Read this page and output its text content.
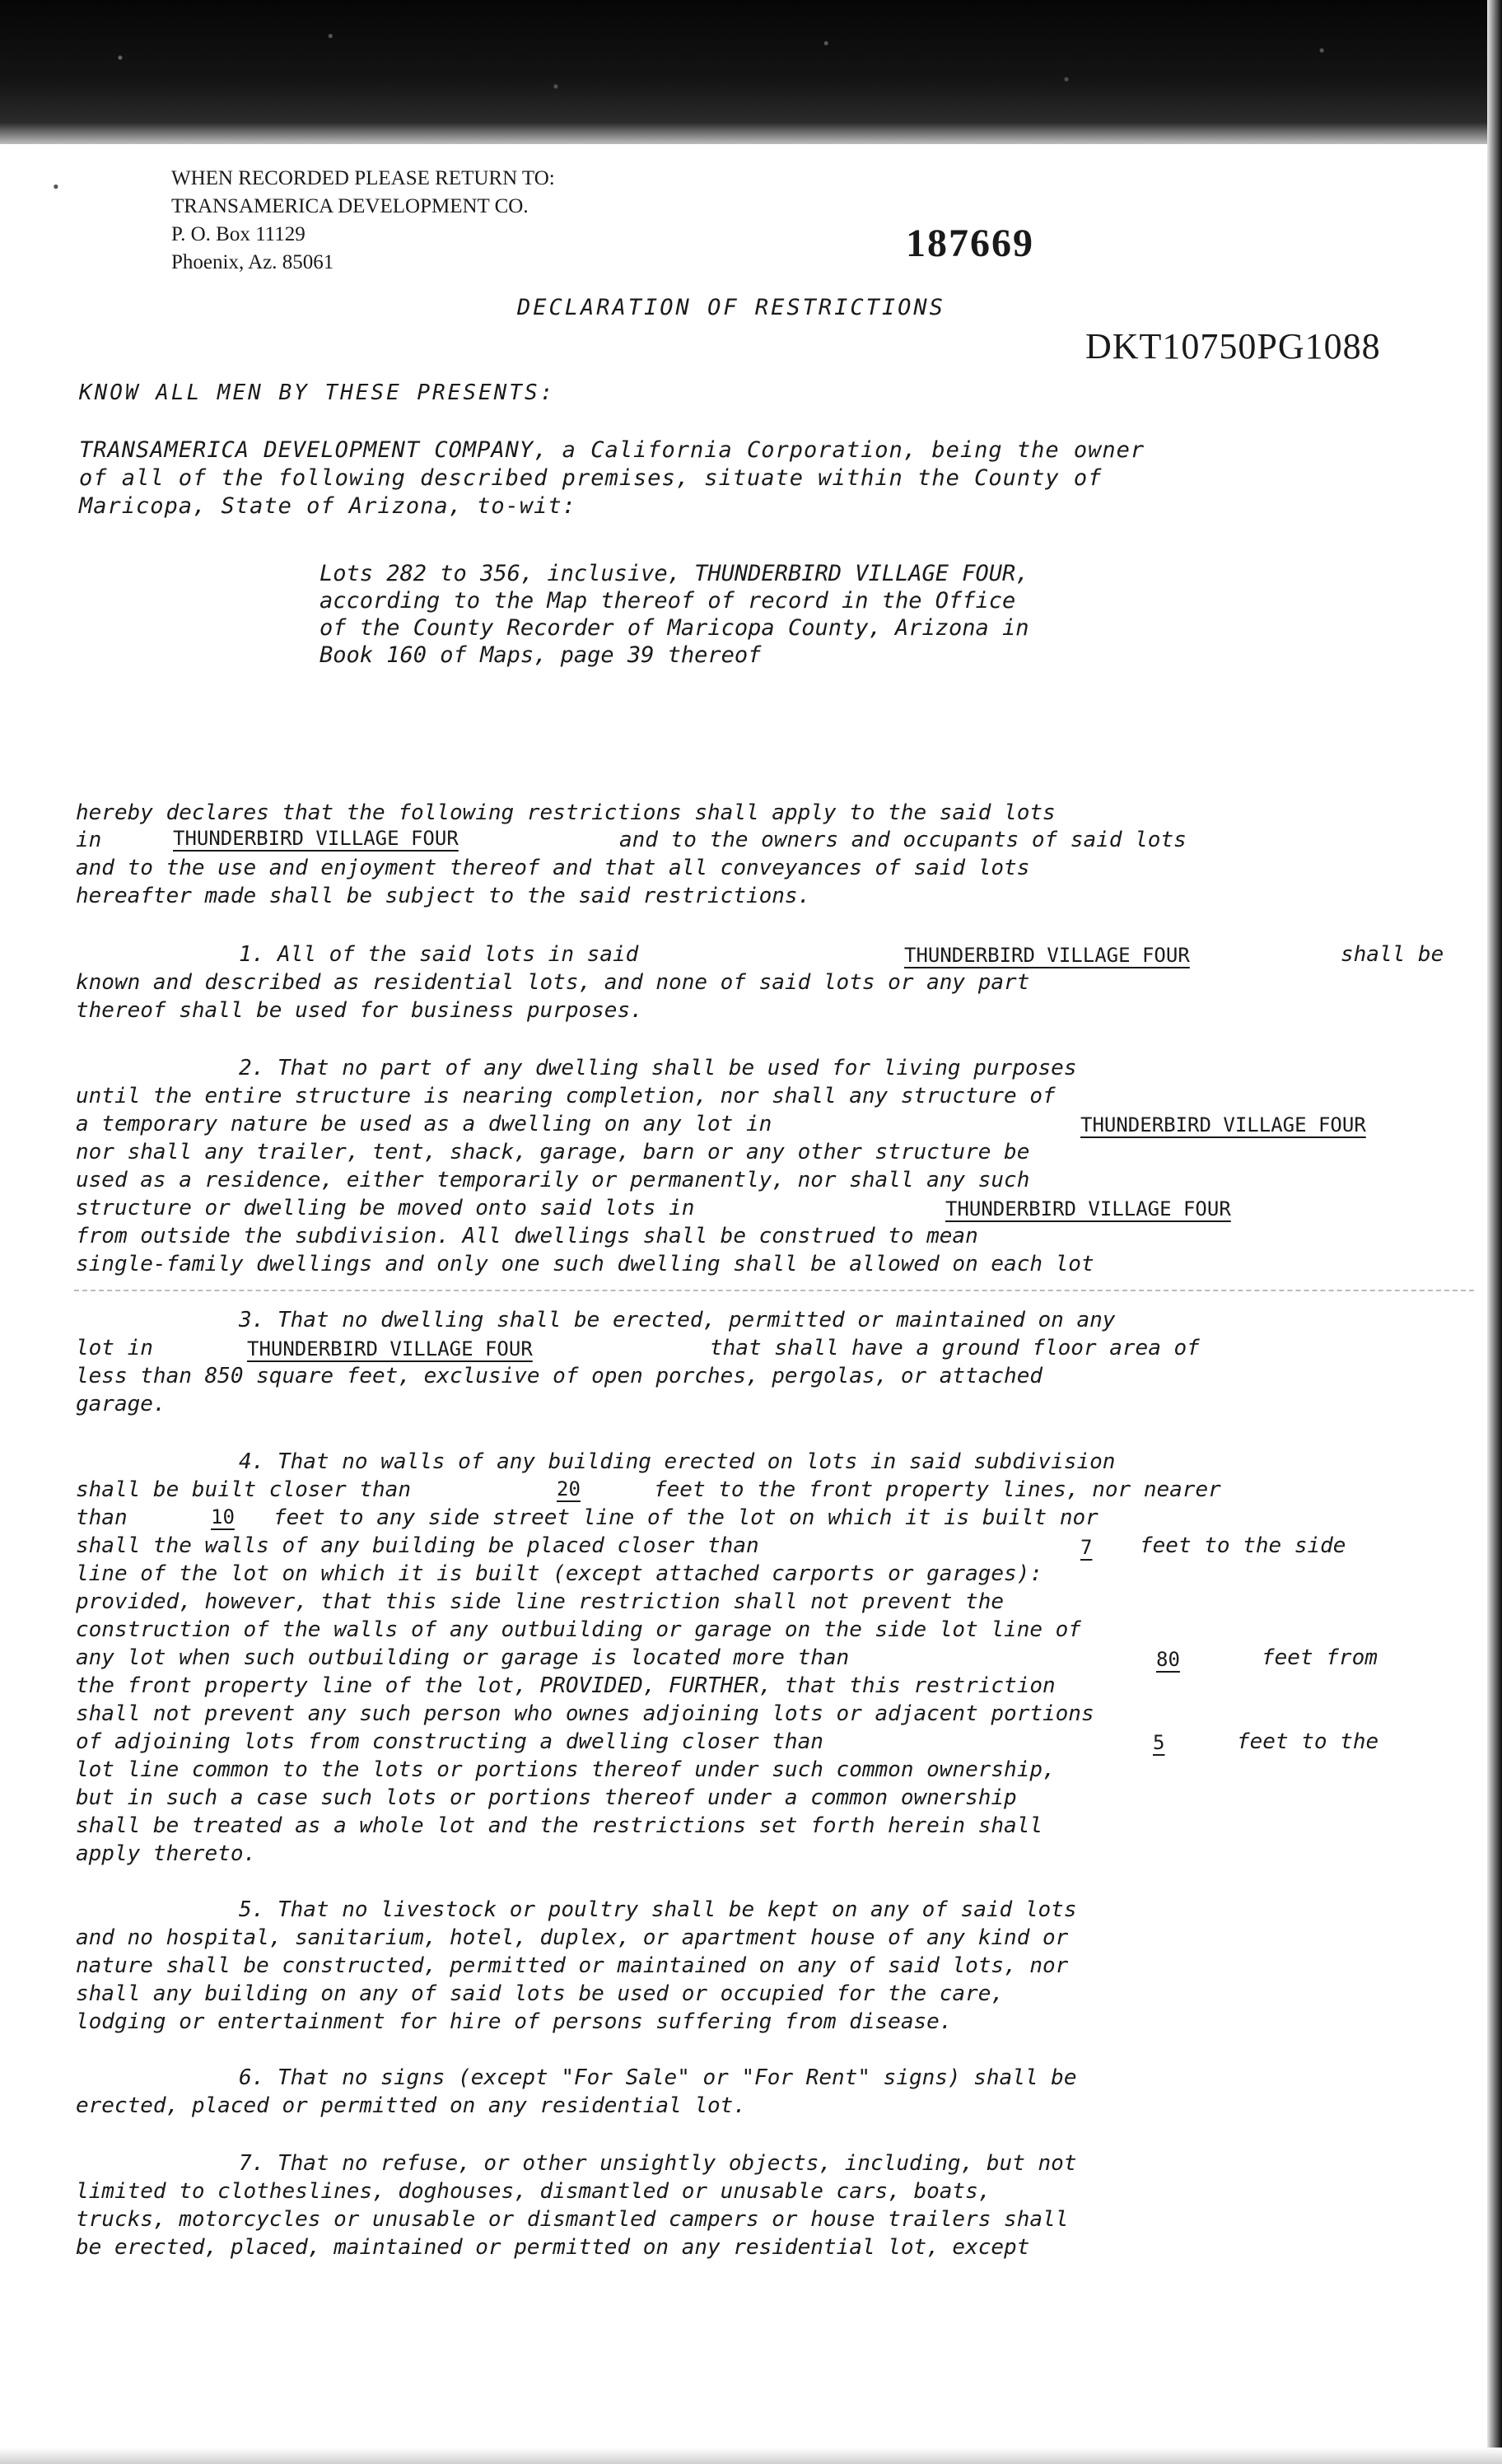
•	WHEN RECORDED PLEASE RETURN TO:
TRANSAMERICA DEVELOPMENT CO.
P. O. Box 11129
Phoenix, Az. 85061	187669
DECLARATION OF RESTRICTIONS
DKT10750PG1088
KNOW ALL MEN BY THESE PRESENTS:
TRANSAMERICA DEVELOPMENT COMPANY, a California Corporation, being the owner
of all of the following described premises, situate within the County of
Maricopa, State of Arizona, to-wit:
Lots 282 to 356, inclusive, THUNDERBIRD VILLAGE FOUR,
according to the Map thereof of record in the Office
of the County Recorder of Maricopa County, Arizona in
Book 160 of Maps, page 39 thereof
hereby declares that the following restrictions shall apply to the said lots
in	THUNDERBIRD VILLAGE FOUR	and to the owners and occupants of said lots
and to the use and enjoyment thereof and that all conveyances of said lots
hereafter made shall be subject to the said restrictions.
1. All of the said lots in said	THUNDERBIRD VILLAGE FOUR	shall be
known and described as residential lots, and none of said lots or any part
thereof shall be used for business purposes.
2. That no part of any dwelling shall be used for living purposes
until the entire structure is nearing completion, nor shall any structure of
a temporary nature be used as a dwelling on any lot in	THUNDERBIRD VILLAGE FOUR
nor shall any trailer, tent, shack, garage, barn or any other structure be
used as a residence, either temporarily or permanently, nor shall any such
structure or dwelling be moved onto said lots in	THUNDERBIRD VILLAGE FOUR
from outside the subdivision. All dwellings shall be construed to mean
single-family dwellings and only one such dwelling shall be allowed on each lot
3. That no dwelling shall be erected, permitted or maintained on any
lot in	THUNDERBIRD VILLAGE FOUR	that shall have a ground floor area of
less than 850 square feet, exclusive of open porches, pergolas, or attached
garage.
4. That no walls of any building erected on lots in said subdivision
shall be built closer than	20	feet to the front property lines, nor nearer
than	10 feet to any side street line of the lot on which it is built nor
shall the walls of any building be placed closer than	7 feet to the side
line of the lot on which it is built (except attached carports or garages):
provided, however, that this side line restriction shall not prevent the
construction of the walls of any outbuilding or garage on the side lot line of
any lot when such outbuilding or garage is located more than	80	feet from
the front property line of the lot, PROVIDED, FURTHER, that this restriction
shall not prevent any such person who ownes adjoining lots or adjacent portions
of adjoining lots from constructing a dwelling closer than	5	feet to the
lot line common to the lots or portions thereof under such common ownership,
but in such a case such lots or portions thereof under a common ownership
shall be treated as a whole lot and the restrictions set forth herein shall
apply thereto.
5. That no livestock or poultry shall be kept on any of said lots
and no hospital, sanitarium, hotel, duplex, or apartment house of any kind or
nature shall be constructed, permitted or maintained on any of said lots, nor
shall any building on any of said lots be used or occupied for the care,
lodging or entertainment for hire of persons suffering from disease.
6. That no signs (except "For Sale" or "For Rent" signs) shall be
erected, placed or permitted on any residential lot.
7. That no refuse, or other unsightly objects, including, but not
limited to clotheslines, doghouses, dismantled or unusable cars, boats,
trucks, motorcycles or unusable or dismantled campers or house trailers shall
be erected, placed, maintained or permitted on any residential lot, except
